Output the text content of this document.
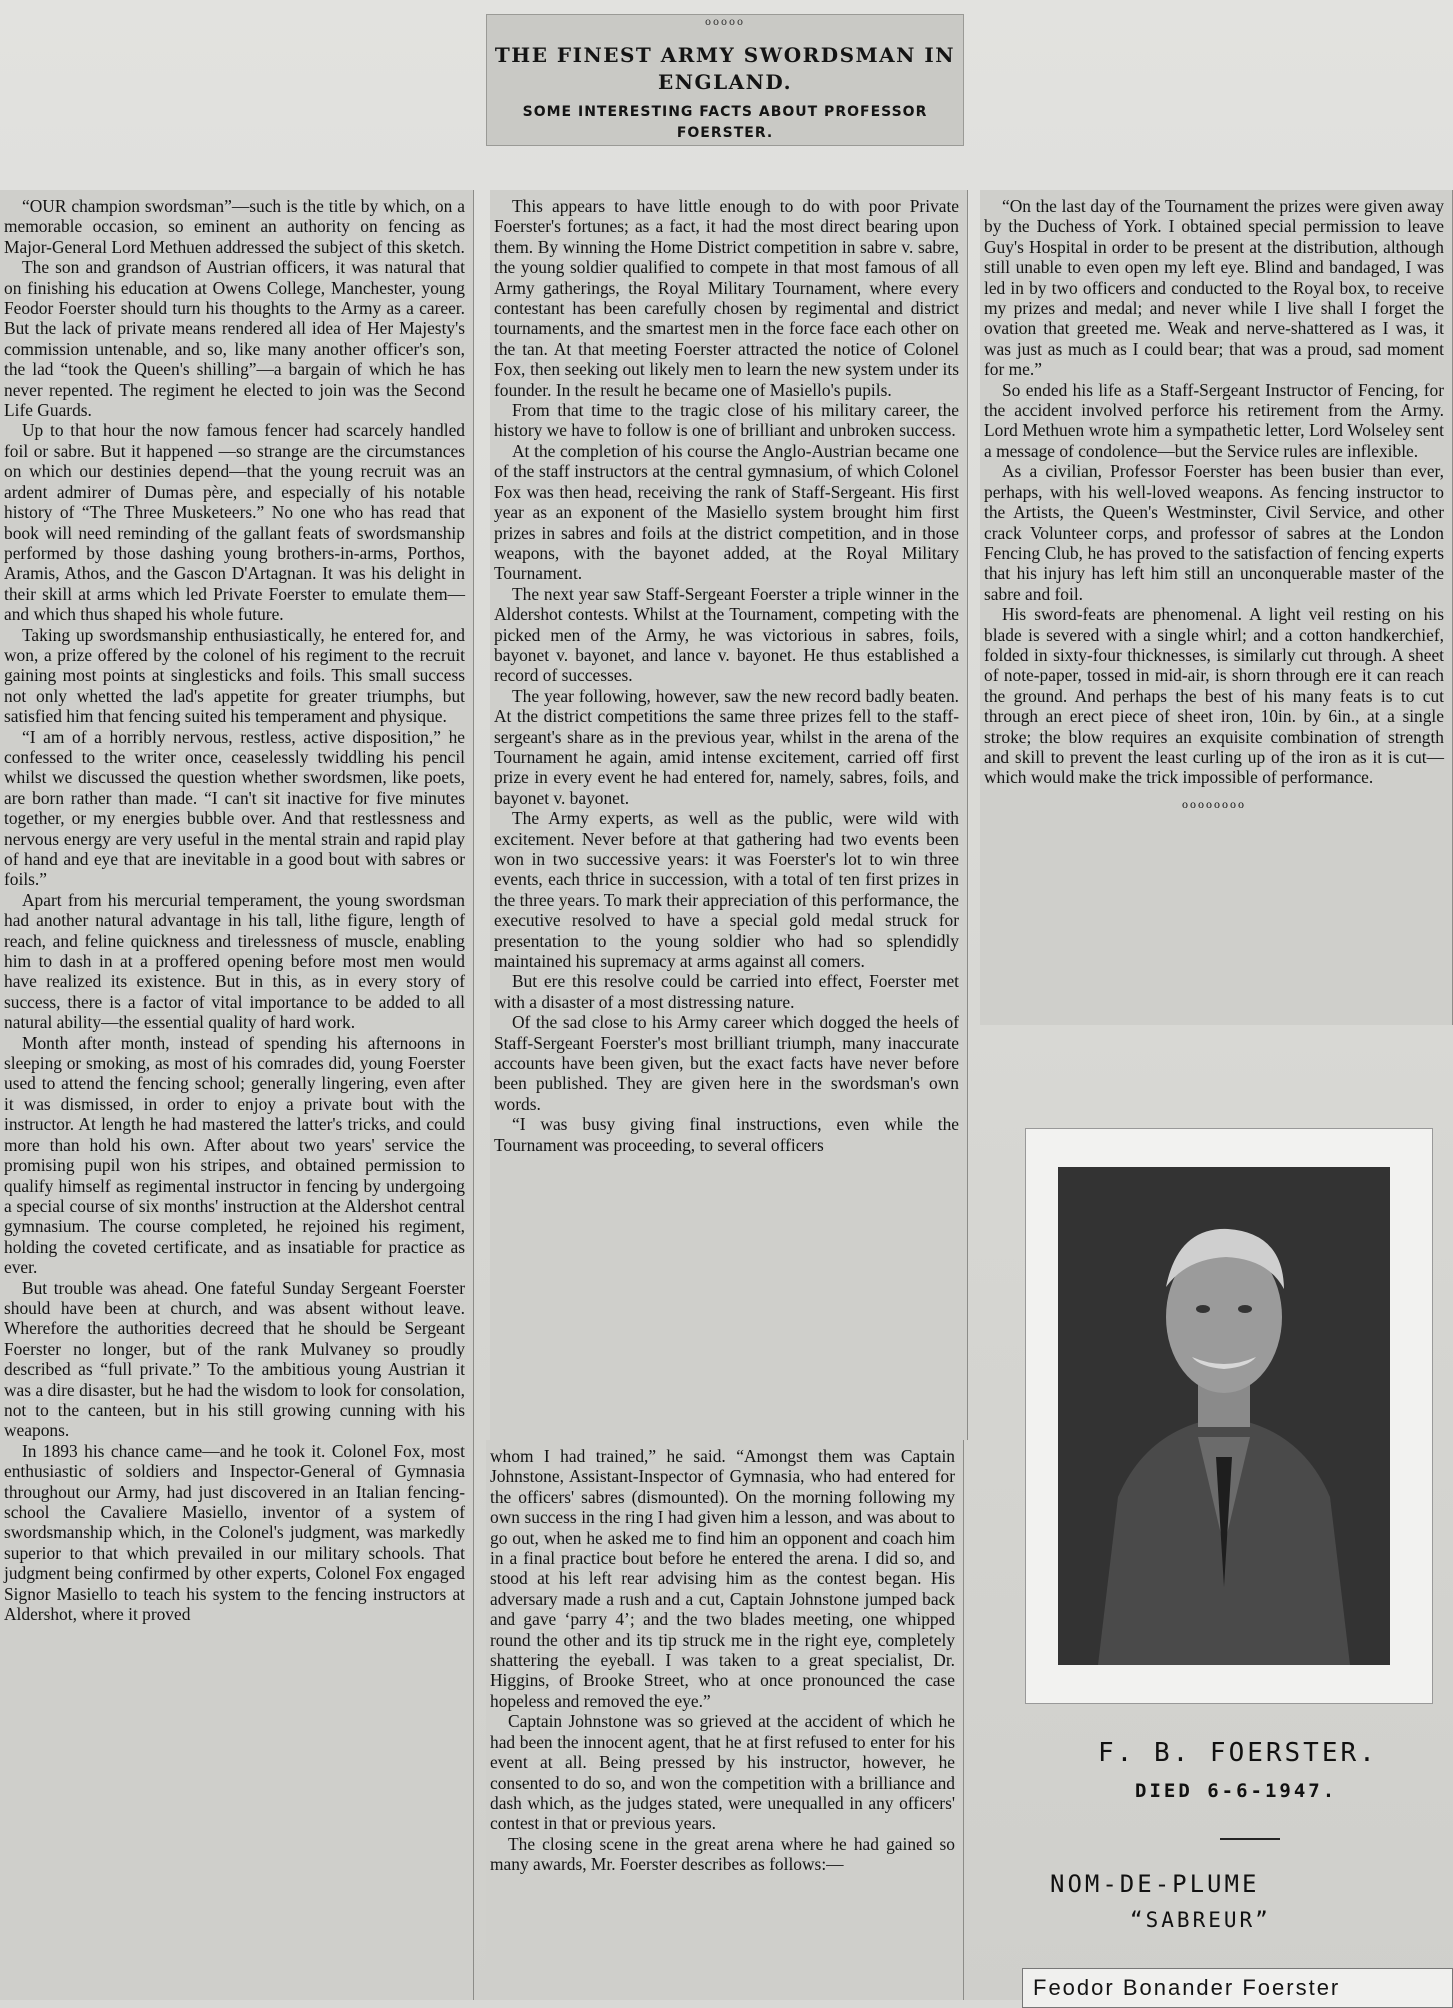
ooooo
THE FINEST ARMY SWORDSMAN IN
ENGLAND.
SOME INTERESTING FACTS ABOUT PROFESSOR FOERSTER.

“OUR champion swordsman”—such is the title by which, on a memorable occasion, so eminent an authority on fencing as Major-General Lord Methuen addressed the subject of this sketch.

The son and grandson of Austrian officers, it was natural that on finishing his education at Owens College, Manchester, young Feodor Foerster should turn his thoughts to the Army as a career. But the lack of private means rendered all idea of Her Majesty's commission untenable, and so, like many another officer's son, the lad “took the Queen's shilling”—a bargain of which he has never repented. The regiment he elected to join was the Second Life Guards.

Up to that hour the now famous fencer had scarcely handled foil or sabre. But it happened —so strange are the circumstances on which our destinies depend—that the young recruit was an ardent admirer of Dumas père, and especially of his notable history of “The Three Musketeers.” No one who has read that book will need reminding of the gallant feats of swordsmanship performed by those dashing young brothers-in-arms, Porthos, Aramis, Athos, and the Gascon D'Artagnan. It was his delight in their skill at arms which led Private Foerster to emulate them—and which thus shaped his whole future.

Taking up swordsmanship enthusiastically, he entered for, and won, a prize offered by the colonel of his regiment to the recruit gaining most points at singlesticks and foils. This small success not only whetted the lad's appetite for greater triumphs, but satisfied him that fencing suited his temperament and physique.

“I am of a horribly nervous, restless, active disposition,” he confessed to the writer once, ceaselessly twiddling his pencil whilst we discussed the question whether swordsmen, like poets, are born rather than made. “I can't sit inactive for five minutes together, or my energies bubble over. And that restlessness and nervous energy are very useful in the mental strain and rapid play of hand and eye that are inevitable in a good bout with sabres or foils.”

Apart from his mercurial temperament, the young swordsman had another natural advantage in his tall, lithe figure, length of reach, and feline quickness and tirelessness of muscle, enabling him to dash in at a proffered opening before most men would have realized its existence. But in this, as in every story of success, there is a factor of vital importance to be added to all natural ability—the essential quality of hard work.

Month after month, instead of spending his afternoons in sleeping or smoking, as most of his comrades did, young Foerster used to attend the fencing school; generally lingering, even after it was dismissed, in order to enjoy a private bout with the instructor. At length he had mastered the latter's tricks, and could more than hold his own. After about two years' service the promising pupil won his stripes, and obtained permission to qualify himself as regimental instructor in fencing by undergoing a special course of six months' instruction at the Aldershot central gymnasium. The course completed, he rejoined his regiment, holding the coveted certificate, and as insatiable for practice as ever.

But trouble was ahead. One fateful Sunday Sergeant Foerster should have been at church, and was absent without leave. Wherefore the authorities decreed that he should be Sergeant Foerster no longer, but of the rank Mulvaney so proudly described as “full private.” To the ambitious young Austrian it was a dire disaster, but he had the wisdom to look for consolation, not to the canteen, but in his still growing cunning with his weapons.

In 1893 his chance came—and he took it. Colonel Fox, most enthusiastic of soldiers and Inspector-General of Gymnasia throughout our Army, had just discovered in an Italian fencing-school the Cavaliere Masiello, inventor of a system of swordsmanship which, in the Colonel's judgment, was markedly superior to that which prevailed in our military schools. That judgment being confirmed by other experts, Colonel Fox engaged Signor Masiello to teach his system to the fencing instructors at Aldershot, where it proved

This appears to have little enough to do with poor Private Foerster's fortunes; as a fact, it had the most direct bearing upon them. By winning the Home District competition in sabre v. sabre, the young soldier qualified to compete in that most famous of all Army gatherings, the Royal Military Tournament, where every contestant has been carefully chosen by regimental and district tournaments, and the smartest men in the force face each other on the tan. At that meeting Foerster attracted the notice of Colonel Fox, then seeking out likely men to learn the new system under its founder. In the result he became one of Masiello's pupils.

From that time to the tragic close of his military career, the history we have to follow is one of brilliant and unbroken success.

At the completion of his course the Anglo-Austrian became one of the staff instructors at the central gymnasium, of which Colonel Fox was then head, receiving the rank of Staff-Sergeant. His first year as an exponent of the Masiello system brought him first prizes in sabres and foils at the district competition, and in those weapons, with the bayonet added, at the Royal Military Tournament.

The next year saw Staff-Sergeant Foerster a triple winner in the Aldershot contests. Whilst at the Tournament, competing with the picked men of the Army, he was victorious in sabres, foils, bayonet v. bayonet, and lance v. bayonet. He thus established a record of successes.

The year following, however, saw the new record badly beaten. At the district competitions the same three prizes fell to the staff-sergeant's share as in the previous year, whilst in the arena of the Tournament he again, amid intense excitement, carried off first prize in every event he had entered for, namely, sabres, foils, and bayonet v. bayonet.

The Army experts, as well as the public, were wild with excitement. Never before at that gathering had two events been won in two successive years: it was Foerster's lot to win three events, each thrice in succession, with a total of ten first prizes in the three years. To mark their appreciation of this performance, the executive resolved to have a special gold medal struck for presentation to the young soldier who had so splendidly maintained his supremacy at arms against all comers.

But ere this resolve could be carried into effect, Foerster met with a disaster of a most distressing nature.

Of the sad close to his Army career which dogged the heels of Staff-Sergeant Foerster's most brilliant triumph, many inaccurate accounts have been given, but the exact facts have never before been published. They are given here in the swordsman's own words.

“I was busy giving final instructions, even while the Tournament was proceeding, to several officers

whom I had trained,” he said. “Amongst them was Captain Johnstone, Assistant-Inspector of Gymnasia, who had entered for the officers' sabres (dismounted). On the morning following my own success in the ring I had given him a lesson, and was about to go out, when he asked me to find him an opponent and coach him in a final practice bout before he entered the arena. I did so, and stood at his left rear advising him as the contest began. His adversary made a rush and a cut, Captain Johnstone jumped back and gave ‘parry 4’; and the two blades meeting, one whipped round the other and its tip struck me in the right eye, completely shattering the eyeball. I was taken to a great specialist, Dr. Higgins, of Brooke Street, who at once pronounced the case hopeless and removed the eye.”

Captain Johnstone was so grieved at the accident of which he had been the innocent agent, that he at first refused to enter for his event at all. Being pressed by his instructor, however, he consented to do so, and won the competition with a brilliance and dash which, as the judges stated, were unequalled in any officers' contest in that or previous years.

The closing scene in the great arena where he had gained so many awards, Mr. Foerster describes as follows:—

“On the last day of the Tournament the prizes were given away by the Duchess of York. I obtained special permission to leave Guy's Hospital in order to be present at the distribution, although still unable to even open my left eye. Blind and bandaged, I was led in by two officers and conducted to the Royal box, to receive my prizes and medal; and never while I live shall I forget the ovation that greeted me. Weak and nerve-shattered as I was, it was just as much as I could bear; that was a proud, sad moment for me.”

So ended his life as a Staff-Sergeant Instructor of Fencing, for the accident involved perforce his retirement from the Army. Lord Methuen wrote him a sympathetic letter, Lord Wolseley sent a message of condolence—but the Service rules are inflexible.

As a civilian, Professor Foerster has been busier than ever, perhaps, with his well-loved weapons. As fencing instructor to the Artists, the Queen's Westminster, Civil Service, and other crack Volunteer corps, and professor of sabres at the London Fencing Club, he has proved to the satisfaction of fencing experts that his injury has left him still an unconquerable master of the sabre and foil.

His sword-feats are phenomenal. A light veil resting on his blade is severed with a single whirl; and a cotton handkerchief, folded in sixty-four thicknesses, is similarly cut through. A sheet of note-paper, tossed in mid-air, is shorn through ere it can reach the ground. And perhaps the best of his many feats is to cut through an erect piece of sheet iron, 10in. by 6in., at a single stroke; the blow requires an exquisite combination of strength and skill to prevent the least curling up of the iron as it is cut—which would make the trick impossible of performance.

oooooooo

F. B. FOERSTER.
DIED 6-6-1947.
NOM-DE-PLUME
“SABREUR”
Feodor Bonander Foerster
